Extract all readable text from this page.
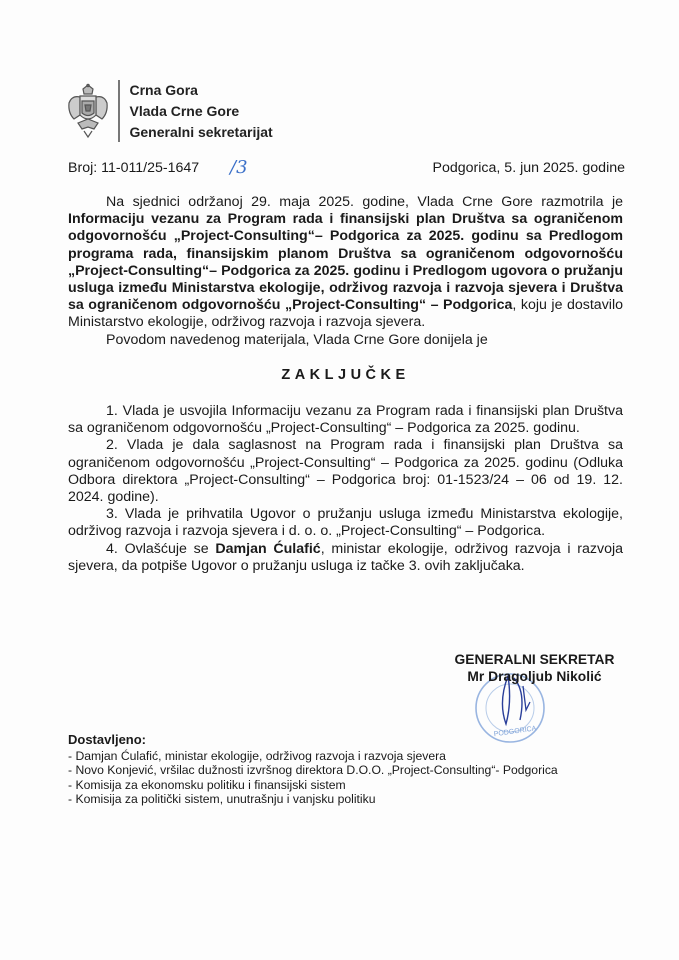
Crna Gora
Vlada Crne Gore
Generalni sekretarijat
Broj: 11-011/25-1647 /3	Podgorica, 5. jun 2025. godine

Na sjednici održanoj 29. maja 2025. godine, Vlada Crne Gore razmotrila je Informaciju vezanu za Program rada i finansijski plan Društva sa ograničenom odgovornošću „Project-Consulting“– Podgorica za 2025. godinu sa Predlogom programa rada, finansijskim planom Društva sa ograničenom odgovornošću „Project-Consulting“– Podgorica za 2025. godinu i Predlogom ugovora o pružanju usluga između Ministarstva ekologije, održivog razvoja i razvoja sjevera i Društva sa ograničenom odgovornošću „Project-Consulting“ – Podgorica, koju je dostavilo Ministarstvo ekologije, održivog razvoja i razvoja sjevera.

Povodom navedenog materijala, Vlada Crne Gore donijela je

ZAKLJUČKE

1. Vlada je usvojila Informaciju vezanu za Program rada i finansijski plan Društva sa ograničenom odgovornošću „Project-Consulting“ – Podgorica za 2025. godinu.

2. Vlada je dala saglasnost na Program rada i finansijski plan Društva sa ograničenom odgovornošću „Project-Consulting“ – Podgorica za 2025. godinu (Odluka Odbora direktora „Project-Consulting“ – Podgorica broj: 01-1523/24 – 06 od 19. 12. 2024. godine).

3. Vlada je prihvatila Ugovor o pružanju usluga između Ministarstva ekologije, održivog razvoja i razvoja sjevera i d. o. o. „Project-Consulting“ – Podgorica.

4. Ovlašćuje se Damjan Ćulafić, ministar ekologije, održivog razvoja i razvoja sjevera, da potpiše Ugovor o pružanju usluga iz tačke 3. ovih zaključaka.

PODGORICA
GENERALNI SEKRETAR
Mr Dragoljub Nikolić
Dostavljeno:
- Damjan Ćulafić, ministar ekologije, održivog razvoja i razvoja sjevera
- Novo Konjević, vršilac dužnosti izvršnog direktora D.O.O. „Project-Consulting“- Podgorica
- Komisija za ekonomsku politiku i finansijski sistem
- Komisija za politički sistem, unutrašnju i vanjsku politiku
